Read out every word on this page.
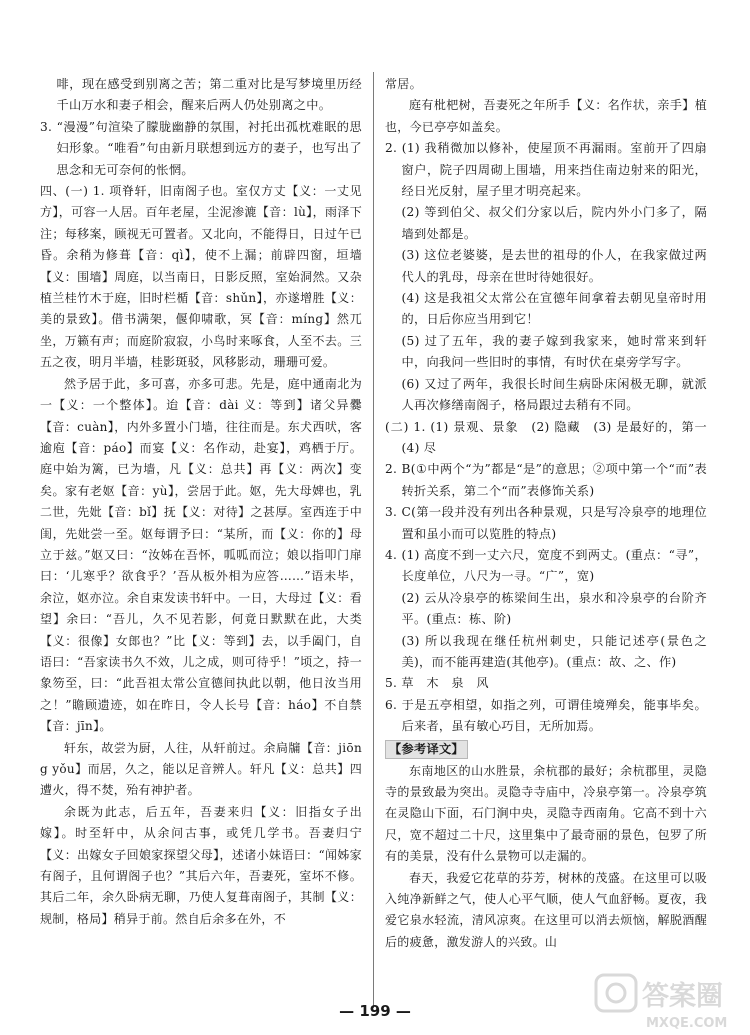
啡，现在感受到别离之苦；第二重对比是写梦境里历经千山万水和妻子相会，醒来后两人仍处别离之中。

3. “漫漫”句渲染了朦胧幽静的氛围，衬托出孤枕难眠的思妇形象。“唯看”句由新月联想到远方的妻子，也写出了思念和无可奈何的怅惘。

四、(一) 1. 项脊轩，旧南阁子也。室仅方丈【义：一丈见方】，可容一人居。百年老屋，尘泥渗漉【音：lù】，雨泽下注；每移案，顾视无可置者。又北向，不能得日，日过午已昏。余稍为修葺【音：qì】，使不上漏；前辟四窗，垣墙【义：围墙】周庭，以当南日，日影反照，室始洞然。又杂植兰桂竹木于庭，旧时栏楯【音：shǔn】，亦遂增胜【义：美的景致】。借书满架，偃仰啸歌，冥【音：míng】然兀坐，万籁有声；而庭阶寂寂，小鸟时来啄食，人至不去。三五之夜，明月半墙，桂影斑驳，风移影动，珊珊可爱。

然予居于此，多可喜，亦多可悲。先是，庭中通南北为一【义：一个整体】。迨【音：dài 义：等到】诸父异爨【音：cuàn】，内外多置小门墙，往往而是。东犬西吠，客逾庖【音：páo】而宴【义：名作动，赴宴】，鸡栖于厅。庭中始为篱，已为墙，凡【义：总共】再【义：两次】变矣。家有老妪【音：yù】，尝居于此。妪，先大母婢也，乳二世，先妣【音：bǐ】抚【义：对待】之甚厚。室西连于中闺，先妣尝一至。妪每谓予曰：“某所，而【义：你的】母立于兹。”妪又曰：“汝姊在吾怀，呱呱而泣；娘以指叩门扉曰：‘儿寒乎？欲食乎？’吾从板外相为应答……”语未毕，余泣，妪亦泣。余自束发读书轩中。一日，大母过【义：看望】余曰：“吾儿，久不见若影，何竟日默默在此，大类【义：很像】女郎也？”比【义：等到】去，以手阖门，自语曰：“吾家读书久不效，儿之成，则可待乎！”顷之，持一象笏至，曰：“此吾祖太常公宣德间执此以朝，他日汝当用之！”瞻顾遗迹，如在昨日，令人长号【音：háo】不自禁【音：jīn】。

轩东，故尝为厨，人往，从轩前过。余扃牖【音：jiōng yǒu】而居，久之，能以足音辨人。轩凡【义：总共】四遭火，得不焚，殆有神护者。

余既为此志，后五年，吾妻来归【义：旧指女子出嫁】。时至轩中，从余问古事，或凭几学书。吾妻归宁【义：出嫁女子回娘家探望父母】，述诸小妹语曰：“闻姊家有阁子，且何谓阁子也？”其后六年，吾妻死，室坏不修。其后二年，余久卧病无聊，乃使人复葺南阁子，其制【义：规制，格局】稍异于前。然自后余多在外，不

常居。

庭有枇杷树，吾妻死之年所手【义：名作状，亲手】植也，今已亭亭如盖矣。

2. (1) 我稍微加以修补，使屋顶不再漏雨。室前开了四扇窗户，院子四周砌上围墙，用来挡住南边射来的阳光，经日光反射，屋子里才明亮起来。

(2) 等到伯父、叔父们分家以后，院内外小门多了，隔墙到处都是。

(3) 这位老婆婆，是去世的祖母的仆人，在我家做过两代人的乳母，母亲在世时待她很好。

(4) 这是我祖父太常公在宣德年间拿着去朝见皇帝时用的，日后你应当用到它！

(5) 过了五年，我的妻子嫁到我家来，她时常来到轩中，向我问一些旧时的事情，有时伏在桌旁学写字。

(6) 又过了两年，我很长时间生病卧床闲极无聊，就派人再次修缮南阁子，格局跟过去稍有不同。

(二) 1. (1) 景观、景象　(2) 隐藏　(3) 是最好的，第一　(4) 尽

2. B(①中两个“为”都是“是”的意思；②项中第一个“而”表转折关系，第二个“而”表修饰关系)

3. C(第一段并没有列出各种景观，只是写冷泉亭的地理位置和虽小而可以览胜的特点)

4. (1) 高度不到一丈六尺，宽度不到两丈。(重点：“寻”，长度单位，八尺为一寻。“广”，宽)

(2) 云从冷泉亭的栋梁间生出，泉水和冷泉亭的台阶齐平。(重点：栋、阶)

(3) 所以我现在继任杭州刺史，只能记述亭(景色之美)，而不能再建造(其他亭)。(重点：故、之、作)

5. 草　木　泉　风

6. 于是五亭相望，如指之列，可谓佳境殚矣，能事毕矣。后来者，虽有敏心巧目，无所加焉。

【参考译文】

东南地区的山水胜景，余杭郡的最好；余杭郡里，灵隐寺的景致最为突出。灵隐寺寺庙中，冷泉亭第一。冷泉亭筑在灵隐山下面，石门涧中央，灵隐寺西南角。它高不到十六尺，宽不超过二十尺，这里集中了最奇丽的景色，包罗了所有的美景，没有什么景物可以走漏的。

春天，我爱它花草的芬芳，树林的茂盛。在这里可以吸入纯净新鲜之气，使人心平气顺，使人气血舒畅。夏夜，我爱它泉水轻流，清风凉爽。在这里可以消去烦恼，解脱酒醒后的疲惫，激发游人的兴致。山

— 199 —	答案圈
MXQE.COM
